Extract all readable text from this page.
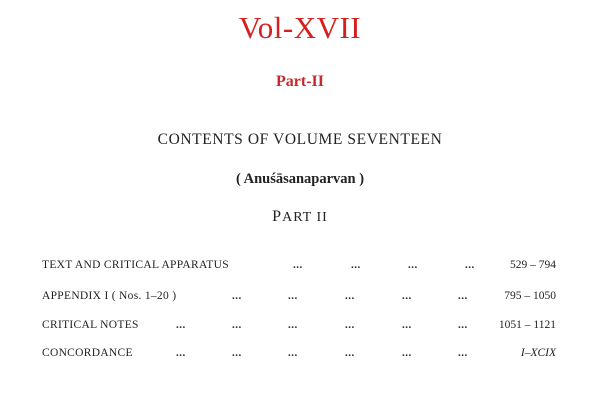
Vol-XVII
Part-II
CONTENTS OF VOLUME SEVENTEEN
( Anuśāsanaparvan )
PART II
TEXT AND CRITICAL APPARATUS	...	...	...	...	529 – 794
APPENDIX I ( Nos. 1–20 )	...	...	...	...	...	795 – 1050
CRITICAL NOTES	...	...	...	...	...	...	1051 – 1121
CONCORDANCE	...	...	...	...	...	...	I–XCIX
